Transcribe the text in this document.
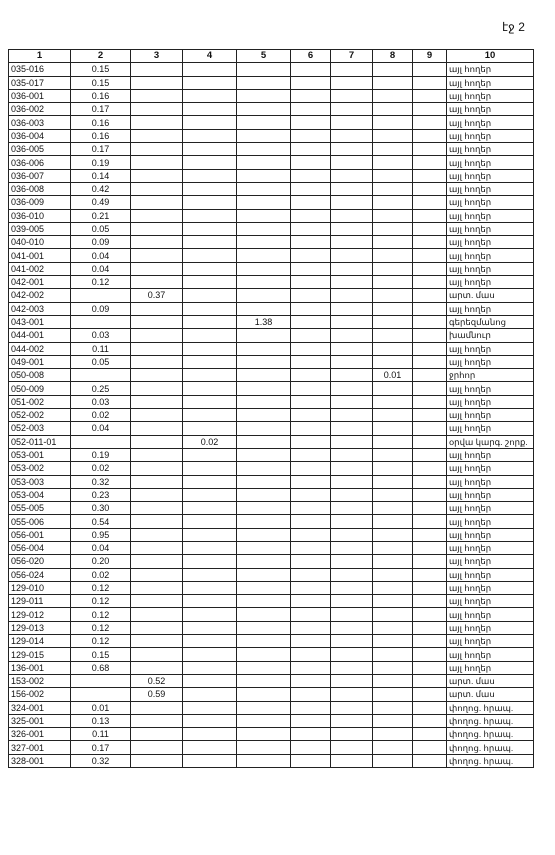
էջ 2
1	2	3	4	5	6	7	8	9	10
035-016	0.15								այլ հողեր
035-017	0.15								այլ հողեր
036-001	0.16								այլ հողեր
036-002	0.17								այլ հողեր
036-003	0.16								այլ հողեր
036-004	0.16								այլ հողեր
036-005	0.17								այլ հողեր
036-006	0.19								այլ հողեր
036-007	0.14								այլ հողեր
036-008	0.42								այլ հողեր
036-009	0.49								այլ հողեր
036-010	0.21								այլ հողեր
039-005	0.05								այլ հողեր
040-010	0.09								այլ հողեր
041-001	0.04								այլ հողեր
041-002	0.04								այլ հողեր
042-001	0.12								այլ հողեր
042-002		0.37							արտ. մաս
042-003	0.09								այլ հողեր
043-001				1.38					գերեզմանոց
044-001	0.03								խամնուր
044-002	0.11								այլ հողեր
049-001	0.05								այլ հողեր
050-008							0.01		ջրհոր
050-009	0.25								այլ հողեր
051-002	0.03								այլ հողեր
052-002	0.02								այլ հողեր
052-003	0.04								այլ հողեր
052-011-01			0.02						օրվա կարգ. շորք.
053-001	0.19								այլ հողեր
053-002	0.02								այլ հողեր
053-003	0.32								այլ հողեր
053-004	0.23								այլ հողեր
055-005	0.30								այլ հողեր
055-006	0.54								այլ հողեր
056-001	0.95								այլ հողեր
056-004	0.04								այլ հողեր
056-020	0.20								այլ հողեր
056-024	0.02								այլ հողեր
129-010	0.12								այլ հողեր
129-011	0.12								այլ հողեր
129-012	0.12								այլ հողեր
129-013	0.12								այլ հողեր
129-014	0.12								այլ հողեր
129-015	0.15								այլ հողեր
136-001	0.68								այլ հողեր
153-002		0.52							արտ. մաս
156-002		0.59							արտ. մաս
324-001	0.01								փողոց. հրապ.
325-001	0.13								փողոց. հրապ.
326-001	0.11								փողոց. հրապ.
327-001	0.17								փողոց. հրապ.
328-001	0.32								փողոց. հրապ.
